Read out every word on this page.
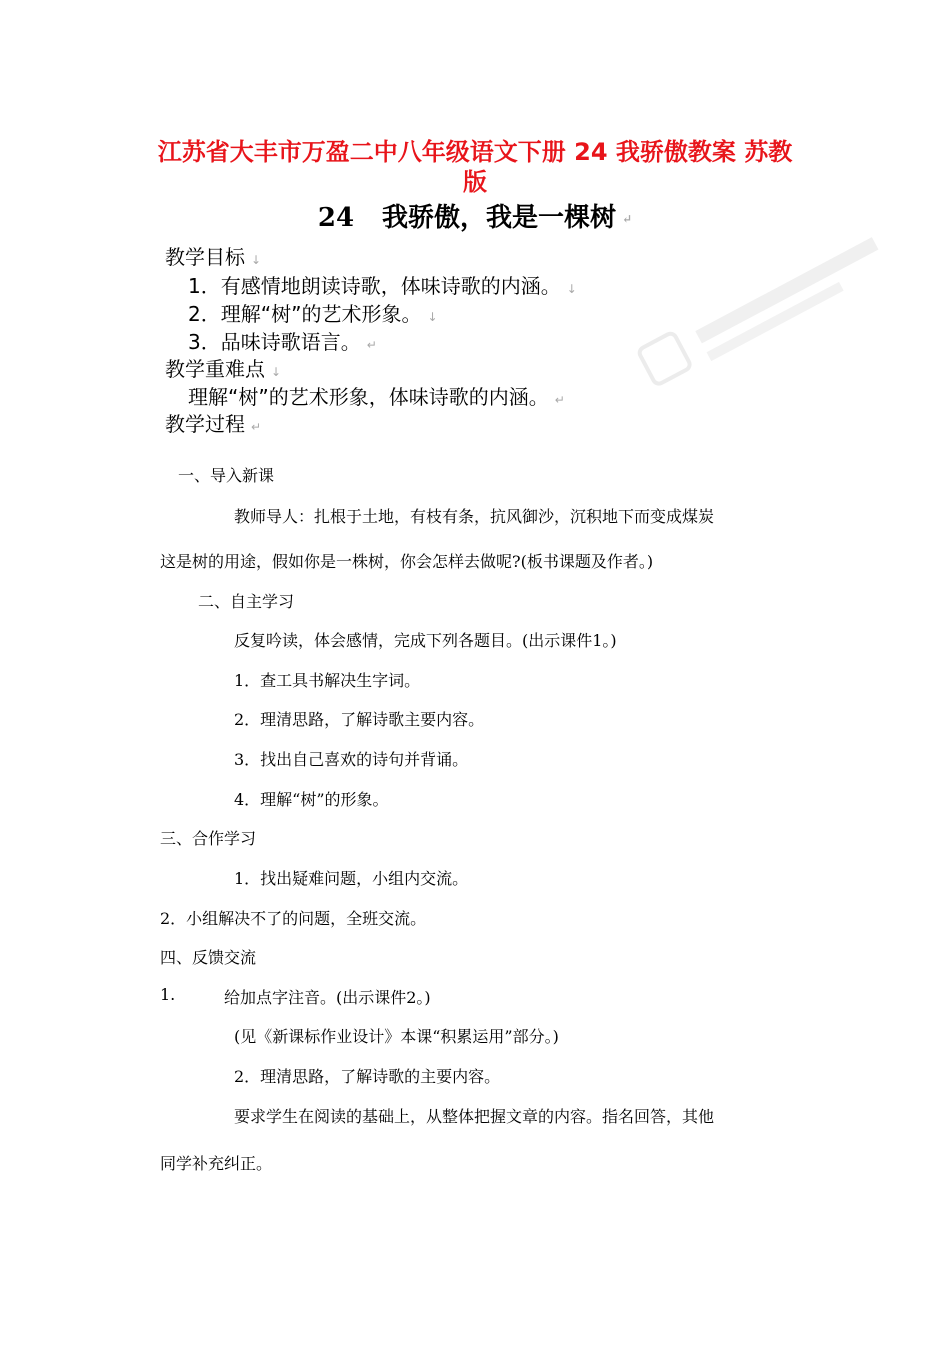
江苏省大丰市万盈二中八年级语文下册 24 我骄傲教案 苏教版
24 我骄傲，我是一棵树 ↵
教学目标 ↓
1．有感情地朗读诗歌，体味诗歌的内涵。 ↓
2．理解“树”的艺术形象。 ↓
3．品味诗歌语言。 ↵
教学重难点 ↓
理解“树”的艺术形象，体味诗歌的内涵。 ↵
教学过程 ↵
一、导入新课
教师导人：扎根于土地，有枝有条，抗风御沙，沉积地下而变成煤炭
这是树的用途，假如你是一株树，你会怎样去做呢?(板书课题及作者。)
二、自主学习
反复吟读，体会感情，完成下列各题目。(出示课件1。)
1．查工具书解决生字词。
2．理清思路，了解诗歌主要内容。
3．找出自己喜欢的诗句并背诵。
4．理解“树”的形象。
三、合作学习
1．找出疑难问题，小组内交流。
2．小组解决不了的问题，全班交流。
四、反馈交流
1.	给加点字注音。(出示课件2。)
(见《新课标作业设计》本课“积累运用”部分。)
2．理清思路，了解诗歌的主要内容。
要求学生在阅读的基础上，从整体把握文章的内容。指名回答，其他
同学补充纠正。
